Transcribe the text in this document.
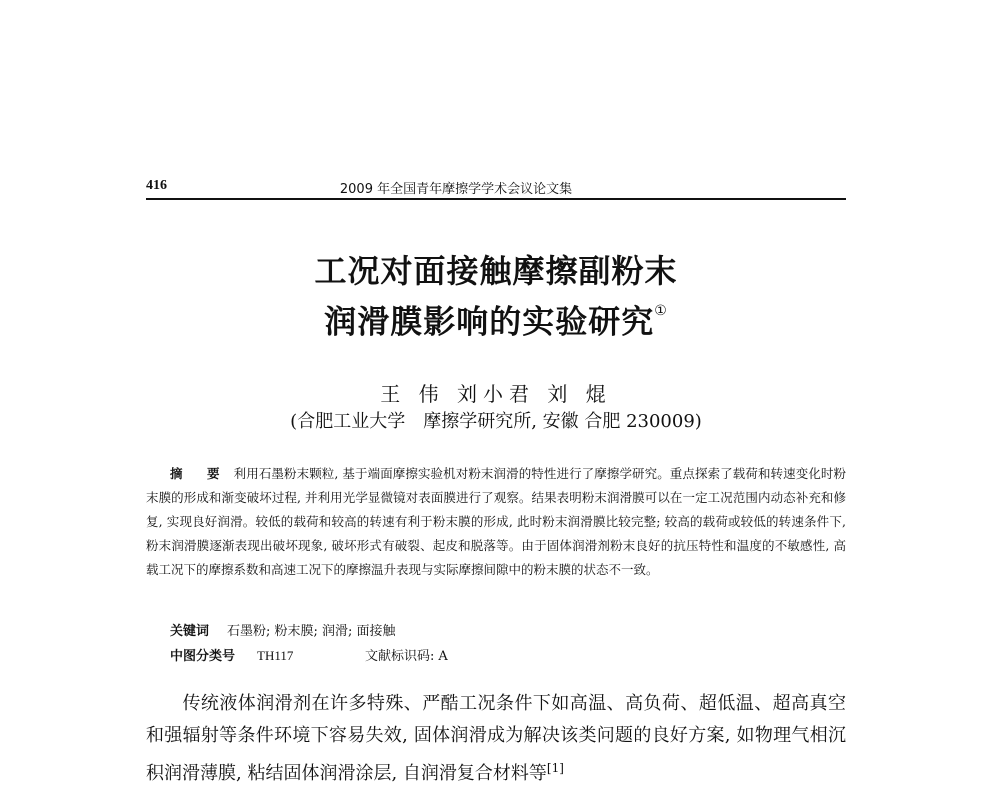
416	2009 年全国青年摩擦学学术会议论文集
工况对面接触摩擦副粉末
润滑膜影响的实验研究①
王 伟 刘小君 刘 焜
(合肥工业大学　摩擦学研究所, 安徽 合肥 230009)
摘 要 利用石墨粉末颗粒, 基于端面摩擦实验机对粉末润滑的特性进行了摩擦学研究。重点探索了载荷和转速变化时粉末膜的形成和渐变破坏过程, 并利用光学显微镜对表面膜进行了观察。结果表明粉末润滑膜可以在一定工况范围内动态补充和修复, 实现良好润滑。较低的载荷和较高的转速有利于粉末膜的形成, 此时粉末润滑膜比较完整; 较高的载荷或较低的转速条件下, 粉末润滑膜逐渐表现出破坏现象, 破坏形式有破裂、起皮和脱落等。由于固体润滑剂粉末良好的抗压特性和温度的不敏感性, 高载工况下的摩擦系数和高速工况下的摩擦温升表现与实际摩擦间隙中的粉末膜的状态不一致。
关键词 石墨粉; 粉末膜; 润滑; 面接触
中图分类号 TH117	文献标识码: A
传统液体润滑剂在许多特殊、严酷工况条件下如高温、高负荷、超低温、超高真空和强辐射等条件环境下容易失效, 固体润滑成为解决该类问题的良好方案, 如物理气相沉积润滑薄膜, 粘结固体润滑涂层, 自润滑复合材料等[1]
